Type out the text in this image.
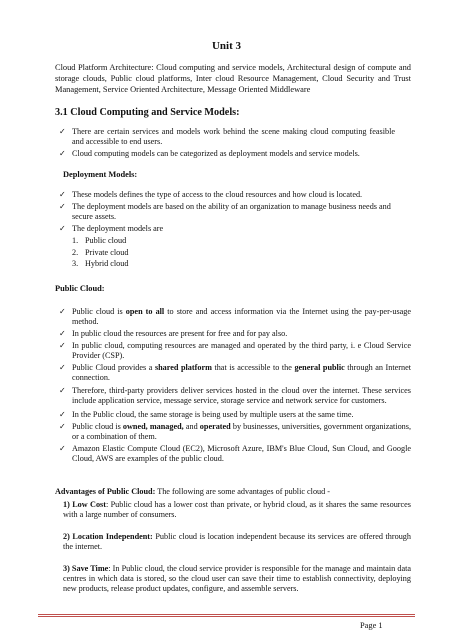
Unit 3
Cloud Platform Architecture: Cloud computing and service models, Architectural design of compute and storage clouds, Public cloud platforms, Inter cloud Resource Management, Cloud Security and Trust Management, Service Oriented Architecture, Message Oriented Middleware
3.1 Cloud Computing and Service Models:
✓ There are certain services and models work behind the scene making cloud computing feasible and accessible to end users.
✓ Cloud computing models can be categorized as deployment models and service models.
Deployment Models:
✓ These models defines the type of access to the cloud resources and how cloud is located.
✓ The deployment models are based on the ability of an organization to manage business needs and secure assets.
✓ The deployment models are
1. Public cloud
2. Private cloud
3. Hybrid cloud
Public Cloud:
✓ Public cloud is open to all to store and access information via the Internet using the pay-per-usage method.
✓ In public cloud the resources are present for free and for pay also.
✓ In public cloud, computing resources are managed and operated by the third party, i. e Cloud Service Provider (CSP).
✓ Public Cloud provides a shared platform that is accessible to the general public through an Internet connection.
✓ Therefore, third-party providers deliver services hosted in the cloud over the internet. These services include application service, message service, storage service and network service for customers.
✓ In the Public cloud, the same storage is being used by multiple users at the same time.
✓ Public cloud is owned, managed, and operated by businesses, universities, government organizations, or a combination of them.
✓ Amazon Elastic Compute Cloud (EC2), Microsoft Azure, IBM's Blue Cloud, Sun Cloud, and Google Cloud, AWS are examples of the public cloud.
Advantages of Public Cloud: The following are some advantages of public cloud -
1) Low Cost: Public cloud has a lower cost than private, or hybrid cloud, as it shares the same resources with a large number of consumers.
2) Location Independent: Public cloud is location independent because its services are offered through the internet.
3) Save Time: In Public cloud, the cloud service provider is responsible for the manage and maintain data centres in which data is stored, so the cloud user can save their time to establish connectivity, deploying new products, release product updates, configure, and assemble servers.
Page 1
